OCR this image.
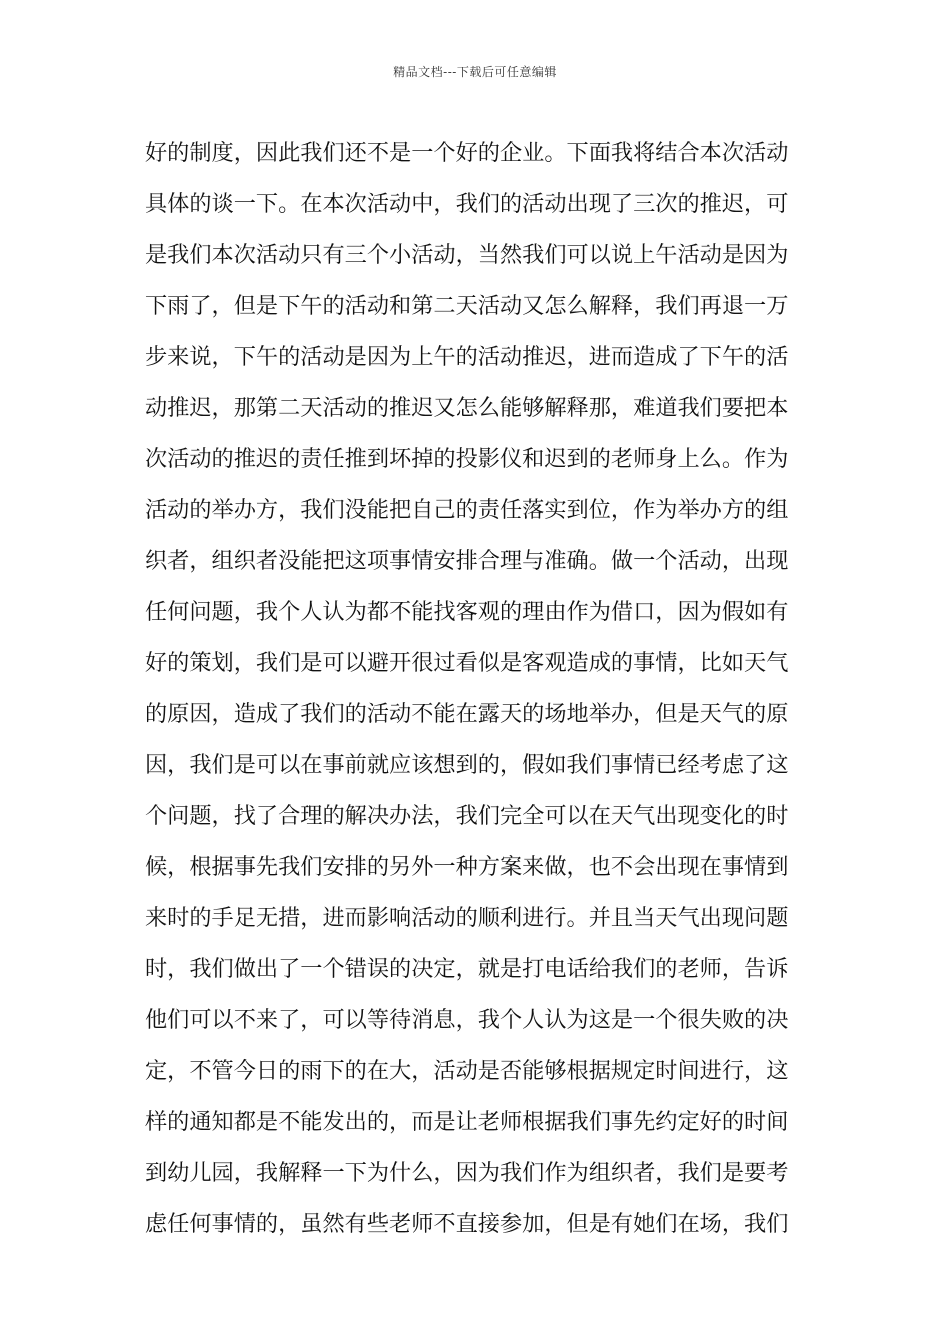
精品文档---下载后可任意编辑
好的制度，因此我们还不是一个好的企业。下面我将结合本次活动
具体的谈一下。在本次活动中，我们的活动出现了三次的推迟，可
是我们本次活动只有三个小活动，当然我们可以说上午活动是因为
下雨了，但是下午的活动和第二天活动又怎么解释，我们再退一万
步来说，下午的活动是因为上午的活动推迟，进而造成了下午的活
动推迟，那第二天活动的推迟又怎么能够解释那，难道我们要把本
次活动的推迟的责任推到坏掉的投影仪和迟到的老师身上么。作为
活动的举办方，我们没能把自己的责任落实到位，作为举办方的组
织者，组织者没能把这项事情安排合理与准确。做一个活动，出现
任何问题，我个人认为都不能找客观的理由作为借口，因为假如有
好的策划，我们是可以避开很过看似是客观造成的事情，比如天气
的原因，造成了我们的活动不能在露天的场地举办，但是天气的原
因，我们是可以在事前就应该想到的，假如我们事情已经考虑了这
个问题，找了合理的解决办法，我们完全可以在天气出现变化的时
候，根据事先我们安排的另外一种方案来做，也不会出现在事情到
来时的手足无措，进而影响活动的顺利进行。并且当天气出现问题
时，我们做出了一个错误的决定，就是打电话给我们的老师，告诉
他们可以不来了，可以等待消息，我个人认为这是一个很失败的决
定，不管今日的雨下的在大，活动是否能够根据规定时间进行，这
样的通知都是不能发出的，而是让老师根据我们事先约定好的时间
到幼儿园，我解释一下为什么，因为我们作为组织者，我们是要考
虑任何事情的，虽然有些老师不直接参加，但是有她们在场，我们
